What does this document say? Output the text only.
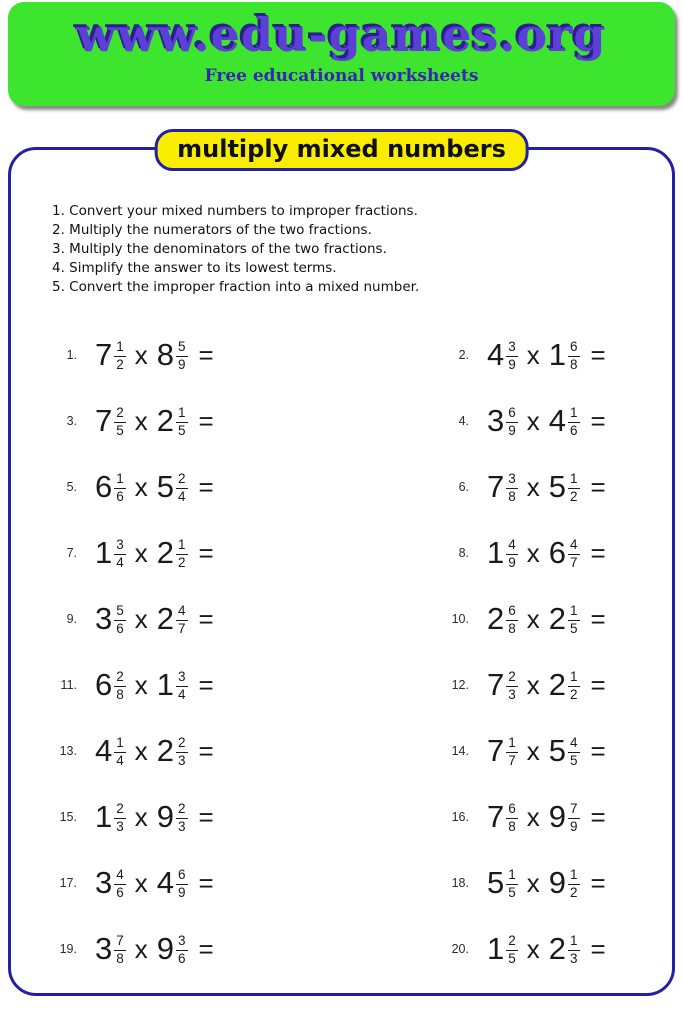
www.edu-games.org
Free educational worksheets
multiply mixed numbers
1. Convert your mixed numbers to improper fractions.
2. Multiply the numerators of the two fractions.
3. Multiply the denominators of the two fractions.
4. Simplify the answer to its lowest terms.
5. Convert the improper fraction into a mixed number.
1. $7 \frac{1}{2}$ x $8 \frac{5}{9}$ =	2. $4 \frac{3}{9}$ x $1 \frac{6}{8}$ =
3. $7 \frac{2}{5}$ x $2 \frac{1}{5}$ =	4. $3 \frac{6}{9}$ x $4 \frac{1}{6}$ =
5. $6 \frac{1}{6}$ x $5 \frac{2}{4}$ =	6. $7 \frac{3}{8}$ x $5 \frac{1}{2}$ =
7. $1 \frac{3}{4}$ x $2 \frac{1}{2}$ =	8. $1 \frac{4}{9}$ x $6 \frac{4}{7}$ =
9. $3 \frac{5}{6}$ x $2 \frac{4}{7}$ =	10. $2 \frac{6}{8}$ x $2 \frac{1}{5}$ =
11. $6 \frac{2}{8}$ x $1 \frac{3}{4}$ =	12. $7 \frac{2}{3}$ x $2 \frac{1}{2}$ =
13. $4 \frac{1}{4}$ x $2 \frac{2}{3}$ =	14. $7 \frac{1}{7}$ x $5 \frac{4}{5}$ =
15. $1 \frac{2}{3}$ x $9 \frac{2}{3}$ =	16. $7 \frac{6}{8}$ x $9 \frac{7}{9}$ =
17. $3 \frac{4}{6}$ x $4 \frac{6}{9}$ =	18. $5 \frac{1}{5}$ x $9 \frac{1}{2}$ =
19. $3 \frac{7}{8}$ x $9 \frac{3}{6}$ =	20. $1 \frac{2}{5}$ x $2 \frac{1}{3}$ =
